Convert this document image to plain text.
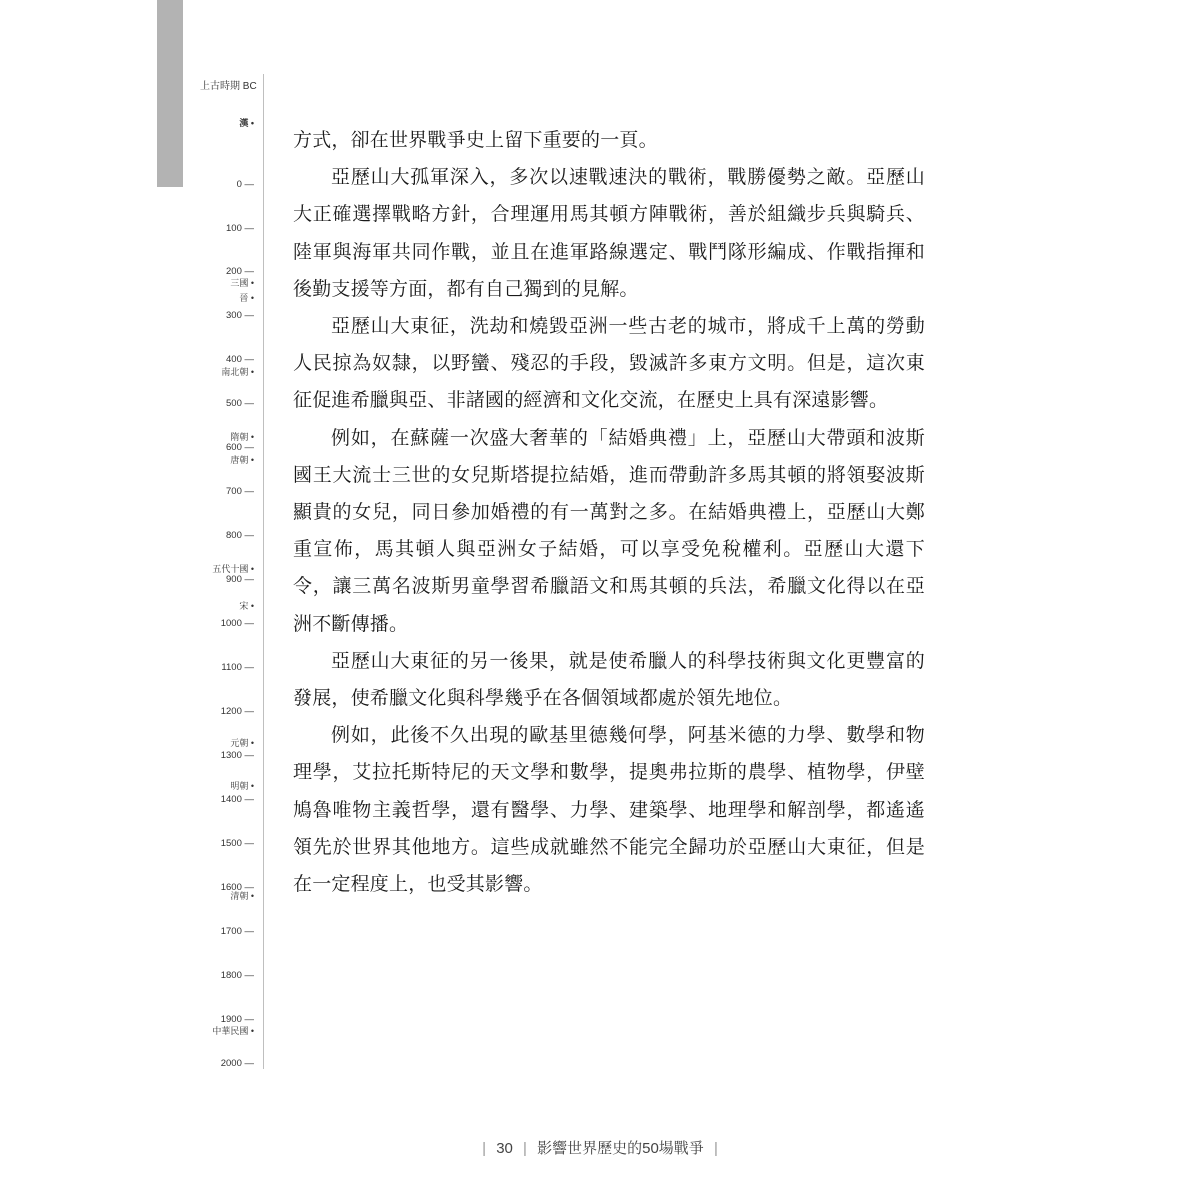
上古時期 BC
0 —
100 —
200 —
300 —
400 —
500 —
600 —
700 —
800 —
900 —
1000 —
1100 —
1200 —
1300 —
1400 —
1500 —
1600 —
1700 —
1800 —
1900 —
2000 —
漢 •
三國 •
晉 •
南北朝 •
隋朝 •
唐朝 •
五代十國 •
宋 •
元朝 •
明朝 •
清朝 •
中華民國 •

方式，卻在世界戰爭史上留下重要的一頁。

亞歷山大孤軍深入，多次以速戰速決的戰術，戰勝優勢之敵。亞歷山大正確選擇戰略方針，合理運用馬其頓方陣戰術，善於組織步兵與騎兵、陸軍與海軍共同作戰，並且在進軍路線選定、戰鬥隊形編成、作戰指揮和後勤支援等方面，都有自己獨到的見解。

亞歷山大東征，洗劫和燒毀亞洲一些古老的城市，將成千上萬的勞動人民掠為奴隸，以野蠻、殘忍的手段，毀滅許多東方文明。但是，這次東征促進希臘與亞、非諸國的經濟和文化交流，在歷史上具有深遠影響。

例如，在蘇薩一次盛大奢華的「結婚典禮」上，亞歷山大帶頭和波斯國王大流士三世的女兒斯塔提拉結婚，進而帶動許多馬其頓的將領娶波斯顯貴的女兒，同日參加婚禮的有一萬對之多。在結婚典禮上，亞歷山大鄭重宣佈，馬其頓人與亞洲女子結婚，可以享受免稅權利。亞歷山大還下令，讓三萬名波斯男童學習希臘語文和馬其頓的兵法，希臘文化得以在亞洲不斷傳播。

亞歷山大東征的另一後果，就是使希臘人的科學技術與文化更豐富的發展，使希臘文化與科學幾乎在各個領域都處於領先地位。

例如，此後不久出現的歐基里德幾何學，阿基米德的力學、數學和物理學，艾拉托斯特尼的天文學和數學，提奧弗拉斯的農學、植物學，伊壁鳩魯唯物主義哲學，還有醫學、力學、建築學、地理學和解剖學，都遙遙領先於世界其他地方。這些成就雖然不能完全歸功於亞歷山大東征，但是在一定程度上，也受其影響。

| 30 | 影響世界歷史的50場戰爭 |
